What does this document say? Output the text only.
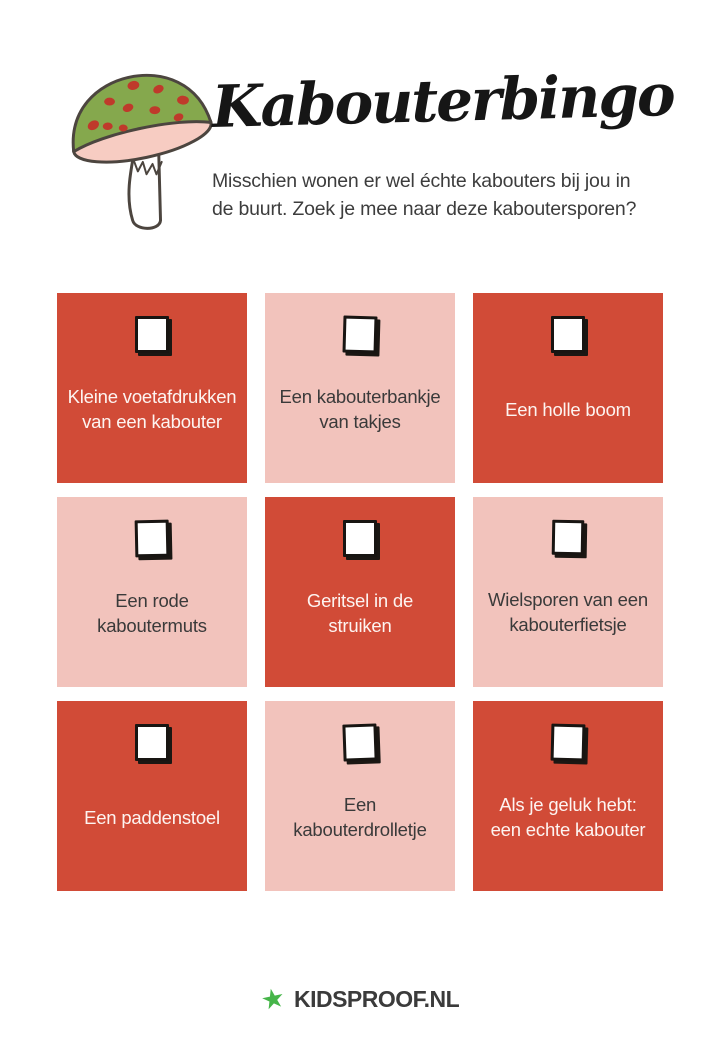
Kabouterbingo

Misschien wonen er wel échte kabouters bij jou in de buurt. Zoek je mee naar deze kaboutersporen?

Kleine voetafdrukken van een kabouter
Een kabouterbankje van takjes
Een holle boom
Een rode kaboutermuts
Geritsel in de struiken
Wielsporen van een kabouterfietsje
Een paddenstoel
Een kabouterdrolletje
Als je geluk hebt: een echte kabouter
★ KIDSPROOF.NL
